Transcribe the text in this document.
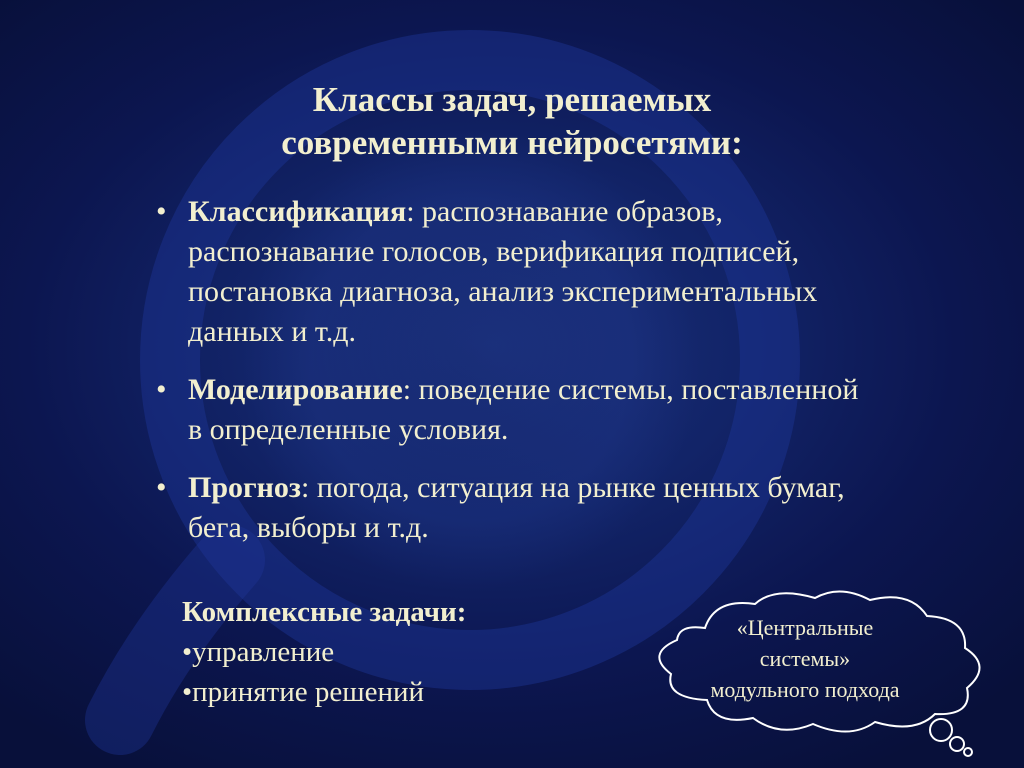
Классы задач, решаемых
современными нейросетями:
• Классификация: распознавание образов, распознавание голосов, верификация подписей, постановка диагноза, анализ экспериментальных данных и т.д.
• Моделирование: поведение системы, поставленной в определенные условия.
• Прогноз: погода, ситуация на рынке ценных бумаг, бега, выборы и т.д.
Комплексные задачи:
•управление
•принятие решений
«Центральные
системы»
модульного подхода
